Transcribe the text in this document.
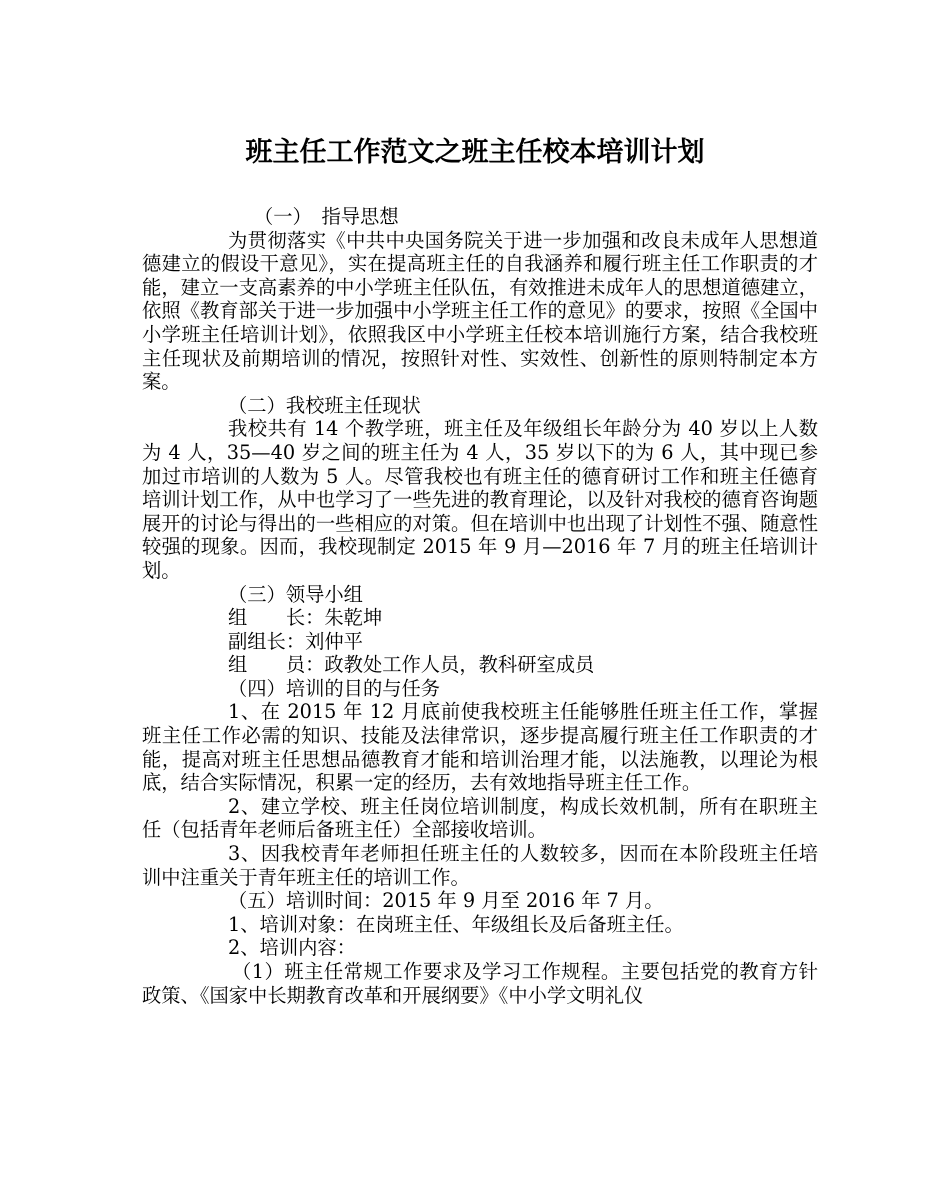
班主任工作范文之班主任校本培训计划

（一）　指导思想

为贯彻落实《中共中央国务院关于进一步加强和改良未成年人思想道德建立的假设干意见》，实在提高班主任的自我涵养和履行班主任工作职责的才能，建立一支高素养的中小学班主任队伍，有效推进未成年人的思想道德建立，依照《教育部关于进一步加强中小学班主任工作的意见》的要求，按照《全国中小学班主任培训计划》，依照我区中小学班主任校本培训施行方案，结合我校班主任现状及前期培训的情况，按照针对性、实效性、创新性的原则特制定本方案。

（二）我校班主任现状

我校共有 14 个教学班，班主任及年级组长年龄分为 40 岁以上人数为 4 人，35—40 岁之间的班主任为 4 人，35 岁以下的为 6 人，其中现已参加过市培训的人数为 5 人。尽管我校也有班主任的德育研讨工作和班主任德育培训计划工作，从中也学习了一些先进的教育理论，以及针对我校的德育咨询题展开的讨论与得出的一些相应的对策。但在培训中也出现了计划性不强、随意性较强的现象。因而，我校现制定 2015 年 9 月—2016 年 7 月的班主任培训计划。

（三）领导小组

组　　长：朱乾坤

副组长：刘仲平

组　　员：政教处工作人员，教科研室成员

（四）培训的目的与任务

1、在 2015 年 12 月底前使我校班主任能够胜任班主任工作，掌握班主任工作必需的知识、技能及法律常识，逐步提高履行班主任工作职责的才能，提高对班主任思想品德教育才能和培训治理才能，以法施教，以理论为根底，结合实际情况，积累一定的经历，去有效地指导班主任工作。

2、建立学校、班主任岗位培训制度，构成长效机制，所有在职班主任（包括青年老师后备班主任）全部接收培训。

3、因我校青年老师担任班主任的人数较多，因而在本阶段班主任培训中注重关于青年班主任的培训工作。

（五）培训时间：2015 年 9 月至 2016 年 7 月。

1、培训对象：在岗班主任、年级组长及后备班主任。

2、培训内容：

（1）班主任常规工作要求及学习工作规程。主要包括党的教育方针政策、《国家中长期教育改革和开展纲要》《中小学文明礼仪
